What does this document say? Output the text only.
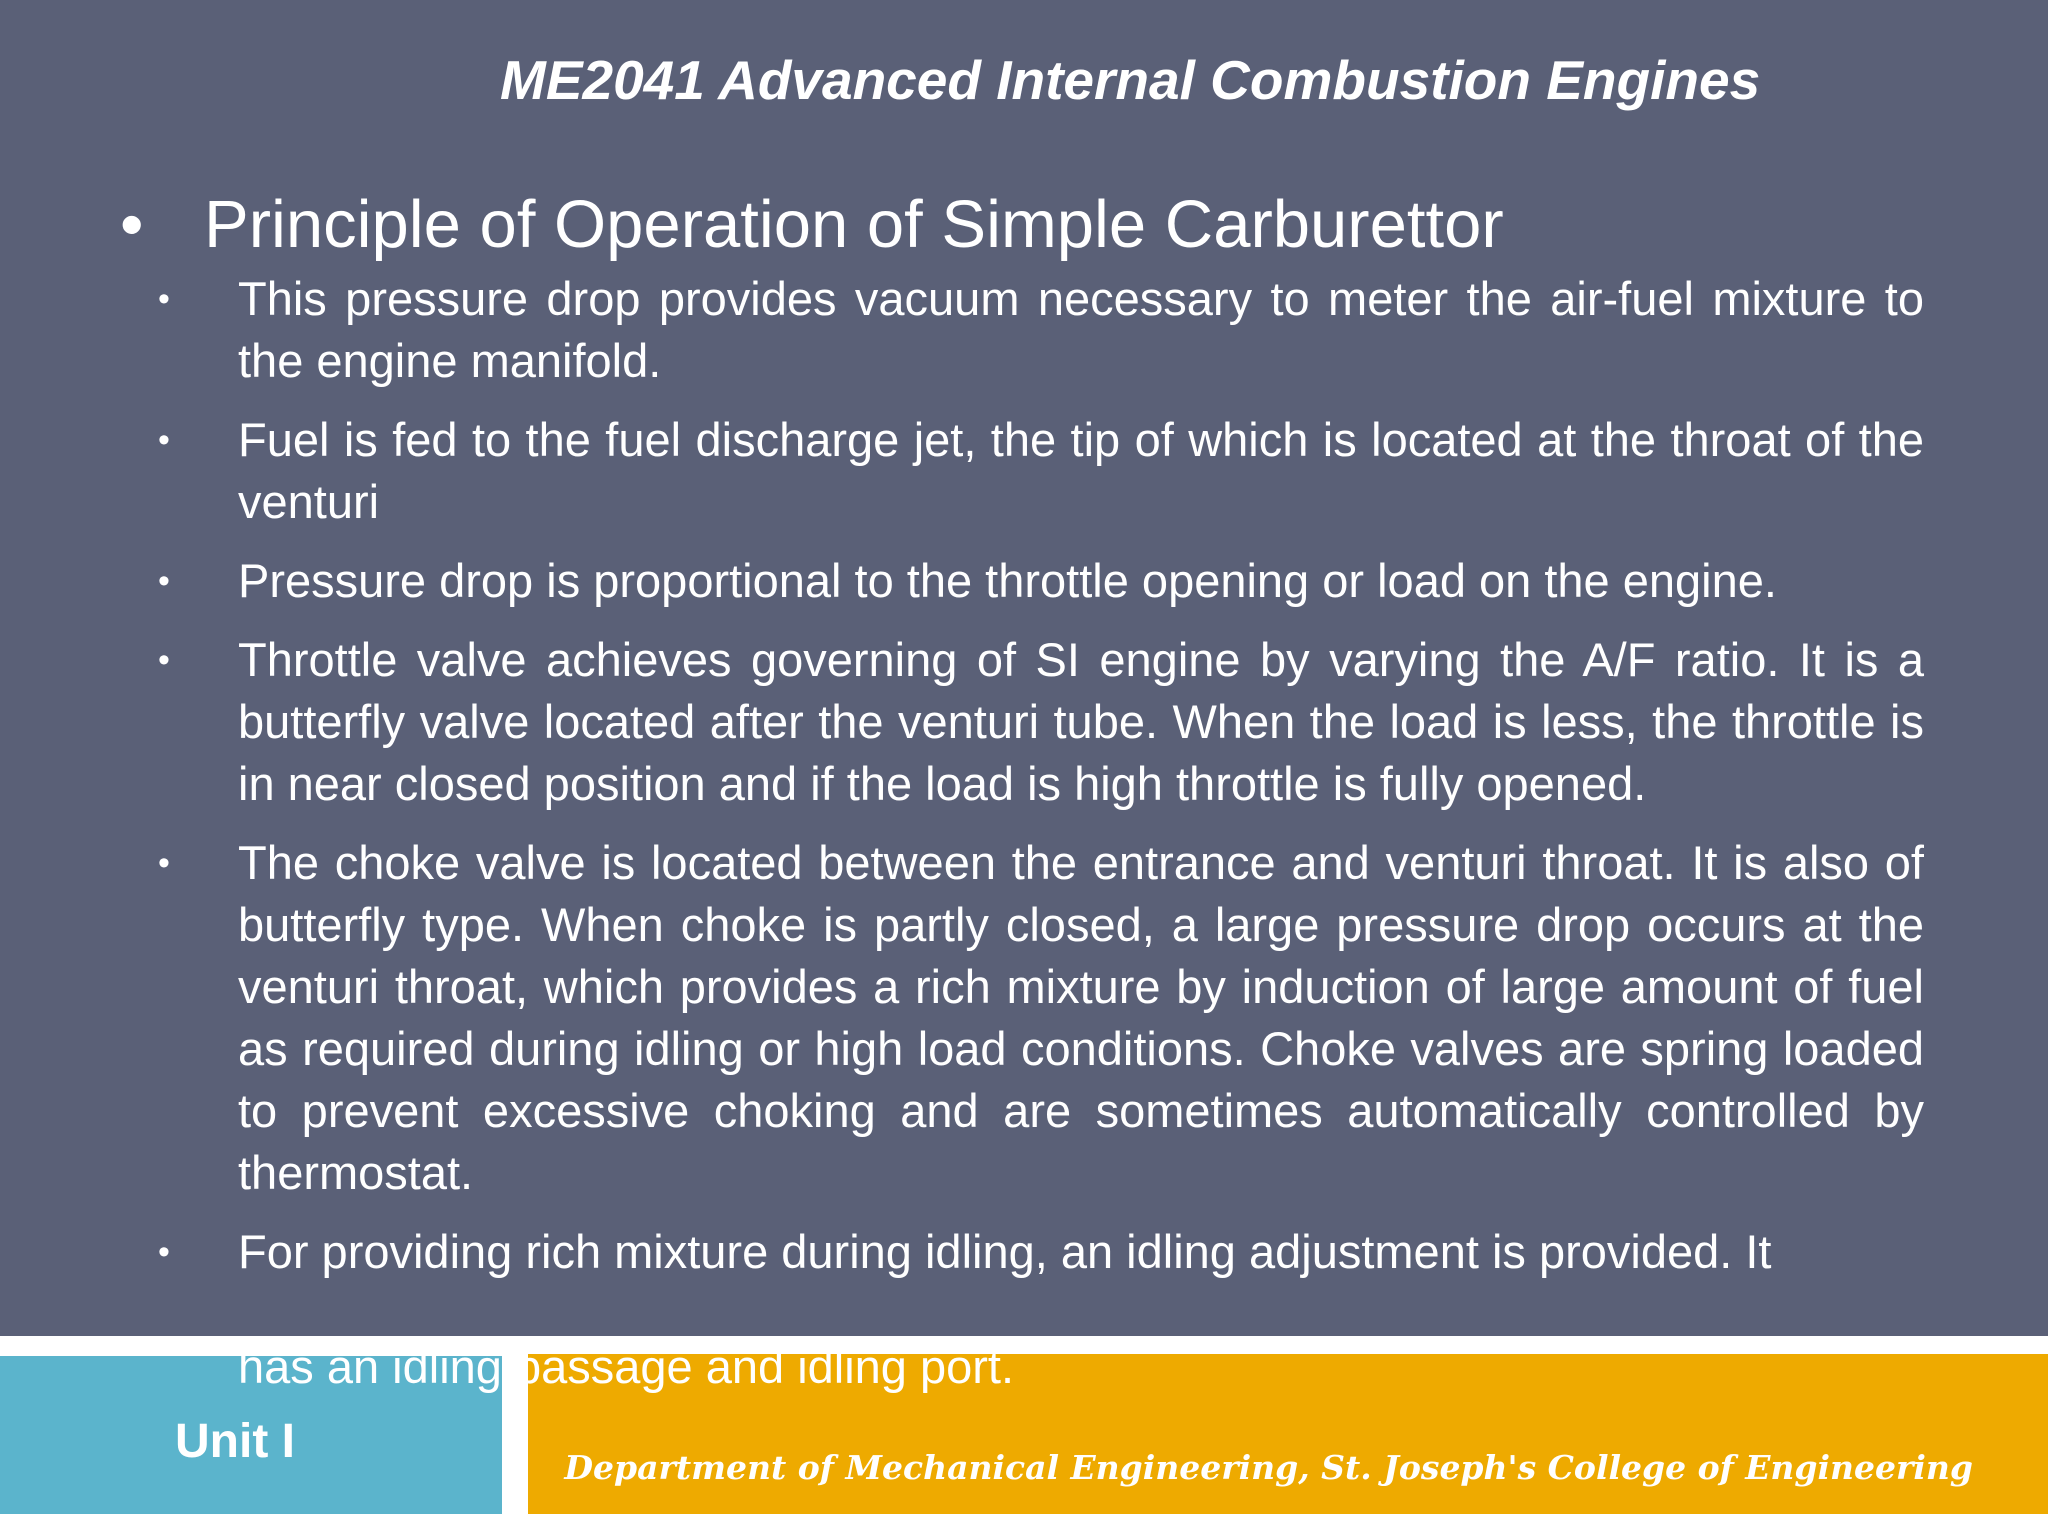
ME2041 Advanced Internal Combustion Engines
• Principle of Operation of Simple Carburettor
•	This pressure drop provides vacuum necessary to meter the air-fuel mixture to the engine manifold.
•	Fuel is fed to the fuel discharge jet, the tip of which is located at the throat of the venturi
•	Pressure drop is proportional to the throttle opening or load on the engine.
•	Throttle valve achieves governing of SI engine by varying the A/F ratio. It is a butterfly valve located after the venturi tube. When the load is less, the throttle is in near closed position and if the load is high throttle is fully opened.
•	The choke valve is located between the entrance and venturi throat. It is also of butterfly type. When choke is partly closed, a large pressure drop occurs at the venturi throat, which provides a rich mixture by induction of large amount of fuel as required during idling or high load conditions. Choke valves are spring loaded to prevent excessive choking and are sometimes automatically controlled by thermostat.
•	For providing rich mixture during idling, an idling adjustment is provided. It
has an idling passage and idling port.
Unit I	Department of Mechanical Engineering, St. Joseph's College of Engineering
